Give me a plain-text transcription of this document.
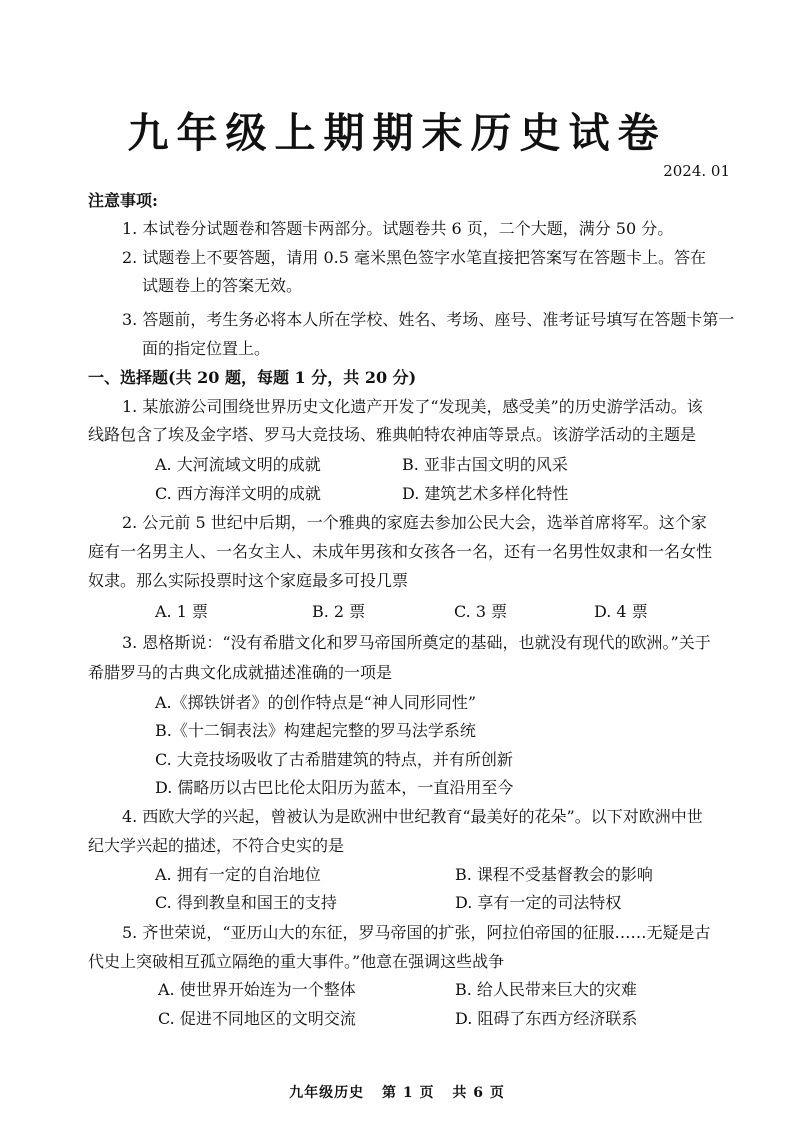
九年级上期期末历史试卷
2024. 01
注意事项:
1. 本试卷分试题卷和答题卡两部分。试题卷共 6 页，二个大题，满分 50 分。
2. 试题卷上不要答题，请用 0.5 毫米黑色签字水笔直接把答案写在答题卡上。答在
试题卷上的答案无效。
3. 答题前，考生务必将本人所在学校、姓名、考场、座号、准考证号填写在答题卡第一
面的指定位置上。
一、选择题(共 20 题，每题 1 分，共 20 分)
1. 某旅游公司围绕世界历史文化遗产开发了“发现美，感受美”的历史游学活动。该
线路包含了埃及金字塔、罗马大竞技场、雅典帕特农神庙等景点。该游学活动的主题是
A. 大河流域文明的成就	B. 亚非古国文明的风采
C. 西方海洋文明的成就	D. 建筑艺术多样化特性
2. 公元前 5 世纪中后期，一个雅典的家庭去参加公民大会，选举首席将军。这个家
庭有一名男主人、一名女主人、未成年男孩和女孩各一名，还有一名男性奴隶和一名女性
奴隶。那么实际投票时这个家庭最多可投几票
A. 1 票	B. 2 票	C. 3 票	D. 4 票
3. 恩格斯说：“没有希腊文化和罗马帝国所奠定的基础，也就没有现代的欧洲。”关于
希腊罗马的古典文化成就描述准确的一项是
A.《掷铁饼者》的创作特点是“神人同形同性”
B.《十二铜表法》构建起完整的罗马法学系统
C. 大竞技场吸收了古希腊建筑的特点，并有所创新
D. 儒略历以古巴比伦太阳历为蓝本，一直沿用至今
4. 西欧大学的兴起，曾被认为是欧洲中世纪教育“最美好的花朵”。以下对欧洲中世
纪大学兴起的描述，不符合史实的是
A. 拥有一定的自治地位	B. 课程不受基督教会的影响
C. 得到教皇和国王的支持	D. 享有一定的司法特权
5. 齐世荣说，“亚历山大的东征，罗马帝国的扩张，阿拉伯帝国的征服……无疑是古
代史上突破相互孤立隔绝的重大事件。”他意在强调这些战争
A. 使世界开始连为一个整体	B. 给人民带来巨大的灾难
C. 促进不同地区的文明交流	D. 阻碍了东西方经济联系
九年级历史 第 1 页 共 6 页
